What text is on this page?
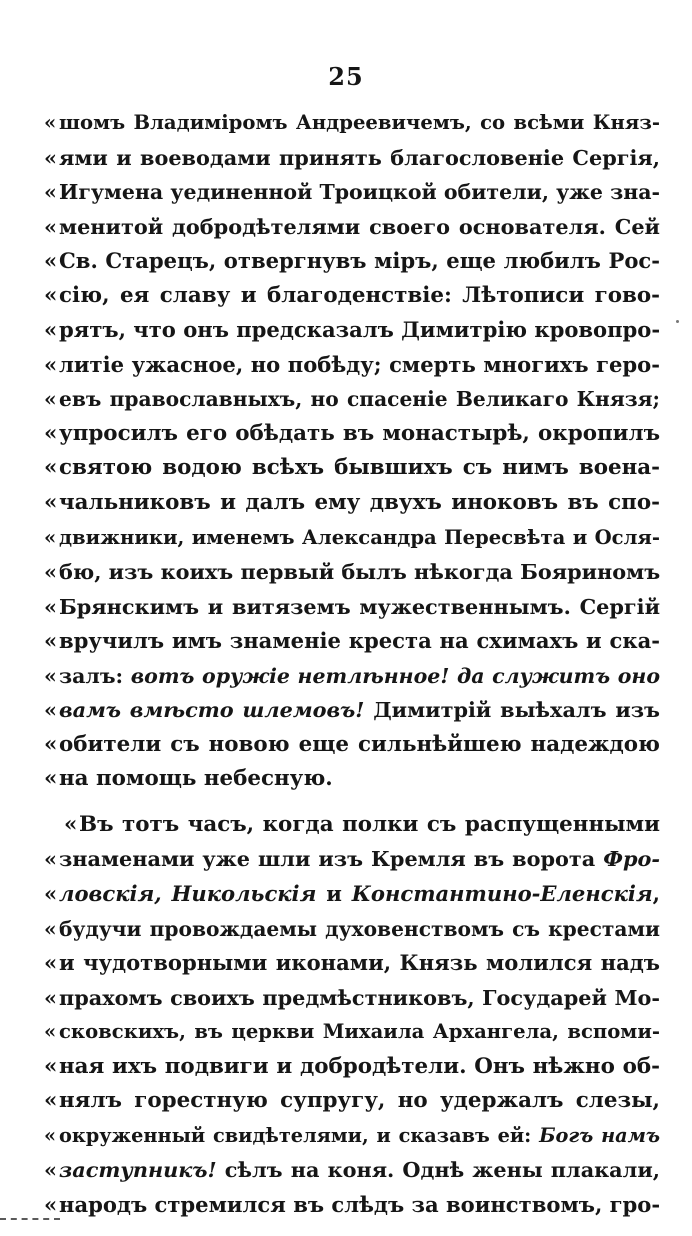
25
« шомъ Владиміромъ Андреевичемъ, со всѣми Княз-
«ями и воеводами принять благословеніе Сергія,
« Игумена уединенной Троицкой обители, уже зна-
«менитой добродѣтелями своего основателя. Сей
«Св. Старецъ, отвергнувъ міръ, еще любилъ Рос-
«сію, ея славу и благоденствіе: Лѣтописи гово-
«рятъ, что онъ предсказалъ Димитрію кровопро-
«литіе ужасное, но побѣду; смерть многихъ геро-
« евъ православныхъ, но спасеніе Великаго Князя;
«упросилъ его обѣдать въ монастырѣ, окропилъ
«святою водою всѣхъ бывшихъ съ нимъ воена-
«чальниковъ и далъ ему двухъ иноковъ въ спо-
« движники, именемъ Александра Пересвѣта и Осля-
«бю, изъ коихъ первый былъ нѣкогда Бояриномъ
«Брянскимъ и витяземъ мужественнымъ. Сергій
«вручилъ имъ знаменіе креста на схимахъ и ска-
« залъ: вотъ оружіе нетлѣнное! да служитъ оно
«вамъ вмѣсто шлемовъ! Димитрій выѣхалъ изъ
«обители съ новою еще сильнѣйшею надеждою
«на помощь небесную.
«Въ тотъ часъ, когда полки съ распущенными
«знаменами уже шли изъ Кремля въ ворота Фро-
«ловскія, Никольскія и Константино-Еленскія,
« будучи провождаемы духовенствомъ съ крестами
«и чудотворными иконами, Князь молился надъ
«прахомъ своихъ предмѣстниковъ, Государей Мо-
« сковскихъ, въ церкви Михаила Архангела, вспоми-
«ная ихъ подвиги и добродѣтели. Онъ нѣжно об-
«нялъ горестную супругу, но удержалъ слезы,
« окруженный свидѣтелями, и сказавъ ей: Богъ намъ
«заступникъ! сѣлъ на коня. Однѣ жены плакали,
«народъ стремился въ слѣдъ за воинствомъ, гро-
